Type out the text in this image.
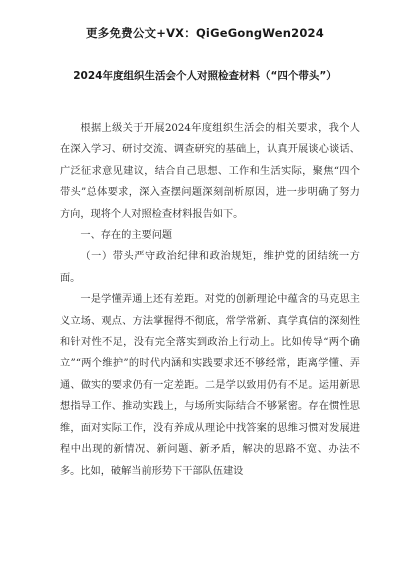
更多免费公文+VX：QiGeGongWen2024
2024年度组织生活会个人对照检查材料（“四个带头”）

根据上级关于开展2024年度组织生活会的相关要求，我个人在深入学习、研讨交流、调查研究的基础上，认真开展谈心谈话、广泛征求意见建议，结合自己思想、工作和生活实际，聚焦“四个带头”总体要求，深入查摆问题深刻剖析原因，进一步明确了努力方向，现将个人对照检查材料报告如下。

一、存在的主要问题

（一）带头严守政治纪律和政治规矩，维护党的团结统一方面。

一是学懂弄通上还有差距。对党的创新理论中蕴含的马克思主义立场、观点、方法掌握得不彻底，常学常新、真学真信的深刻性和针对性不足，没有完全落实到政治上行动上。比如传导“两个确立”“两个维护”的时代内涵和实践要求还不够经常，距离学懂、弄通、做实的要求仍有一定差距。二是学以致用仍有不足。运用新思想指导工作、推动实践上，与场所实际结合不够紧密。存在惯性思维，面对实际工作，没有养成从理论中找答案的思维习惯对发展进程中出现的新情况、新问题、新矛盾，解决的思路不宽、办法不多。比如，破解当前形势下干部队伍建设
